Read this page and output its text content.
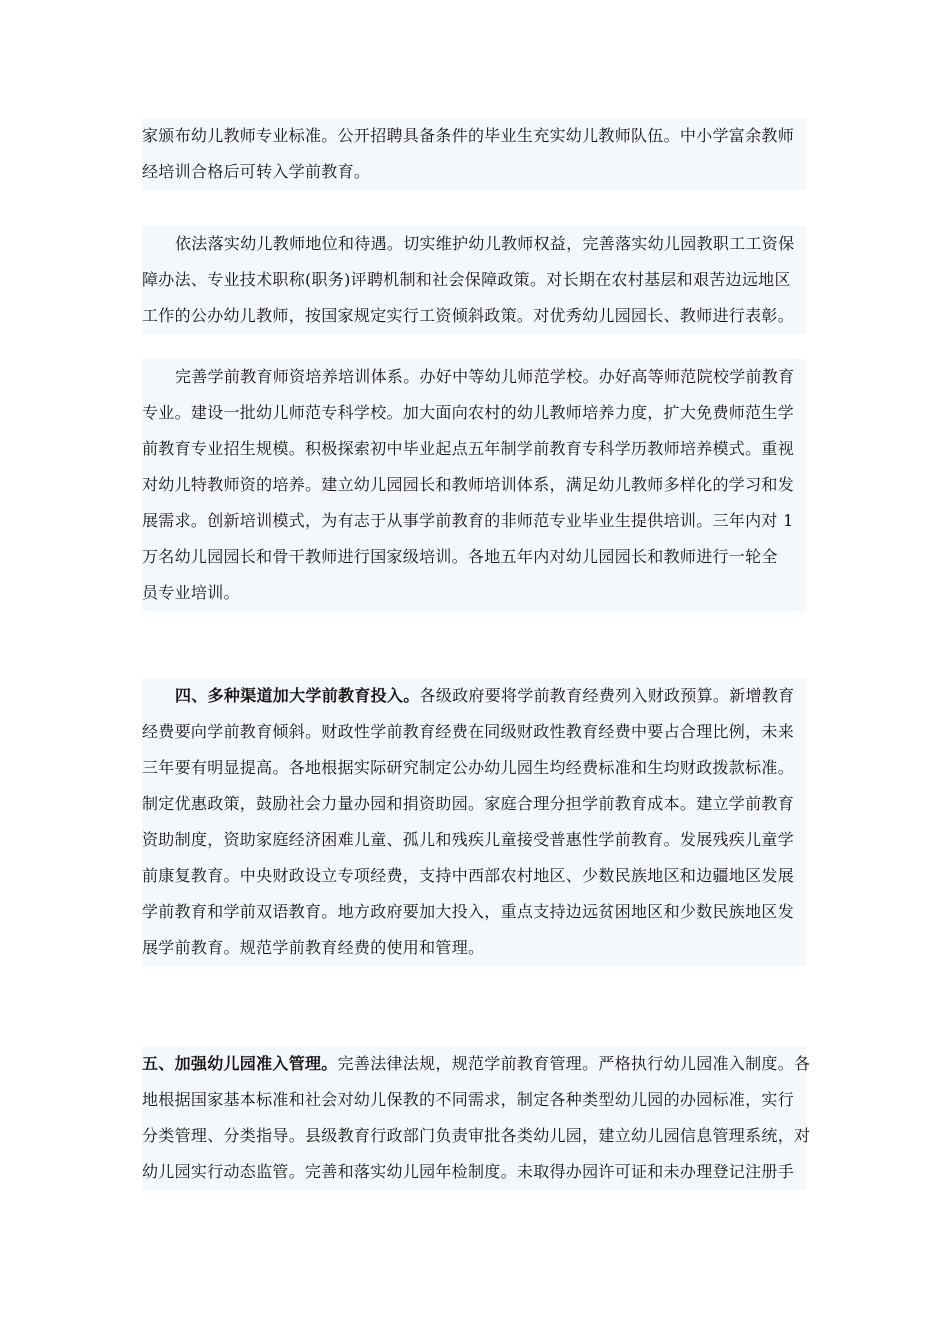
家颁布幼儿教师专业标准。公开招聘具备条件的毕业生充实幼儿教师队伍。中小学富余教师
经培训合格后可转入学前教育。

依法落实幼儿教师地位和待遇。切实维护幼儿教师权益，完善落实幼儿园教职工工资保
障办法、专业技术职称(职务)评聘机制和社会保障政策。对长期在农村基层和艰苦边远地区
工作的公办幼儿教师，按国家规定实行工资倾斜政策。对优秀幼儿园园长、教师进行表彰。

完善学前教育师资培养培训体系。办好中等幼儿师范学校。办好高等师范院校学前教育
专业。建设一批幼儿师范专科学校。加大面向农村的幼儿教师培养力度，扩大免费师范生学
前教育专业招生规模。积极探索初中毕业起点五年制学前教育专科学历教师培养模式。重视
对幼儿特教师资的培养。建立幼儿园园长和教师培训体系，满足幼儿教师多样化的学习和发
展需求。创新培训模式，为有志于从事学前教育的非师范专业毕业生提供培训。三年内对 1
万名幼儿园园长和骨干教师进行国家级培训。各地五年内对幼儿园园长和教师进行一轮全
员专业培训。

四、多种渠道加大学前教育投入。各级政府要将学前教育经费列入财政预算。新增教育
经费要向学前教育倾斜。财政性学前教育经费在同级财政性教育经费中要占合理比例，未来
三年要有明显提高。各地根据实际研究制定公办幼儿园生均经费标准和生均财政拨款标准。
制定优惠政策，鼓励社会力量办园和捐资助园。家庭合理分担学前教育成本。建立学前教育
资助制度，资助家庭经济困难儿童、孤儿和残疾儿童接受普惠性学前教育。发展残疾儿童学
前康复教育。中央财政设立专项经费，支持中西部农村地区、少数民族地区和边疆地区发展
学前教育和学前双语教育。地方政府要加大投入，重点支持边远贫困地区和少数民族地区发
展学前教育。规范学前教育经费的使用和管理。

五、加强幼儿园准入管理。完善法律法规，规范学前教育管理。严格执行幼儿园准入制度。各
地根据国家基本标准和社会对幼儿保教的不同需求，制定各种类型幼儿园的办园标准，实行
分类管理、分类指导。县级教育行政部门负责审批各类幼儿园，建立幼儿园信息管理系统，对
幼儿园实行动态监管。完善和落实幼儿园年检制度。未取得办园许可证和未办理登记注册手
